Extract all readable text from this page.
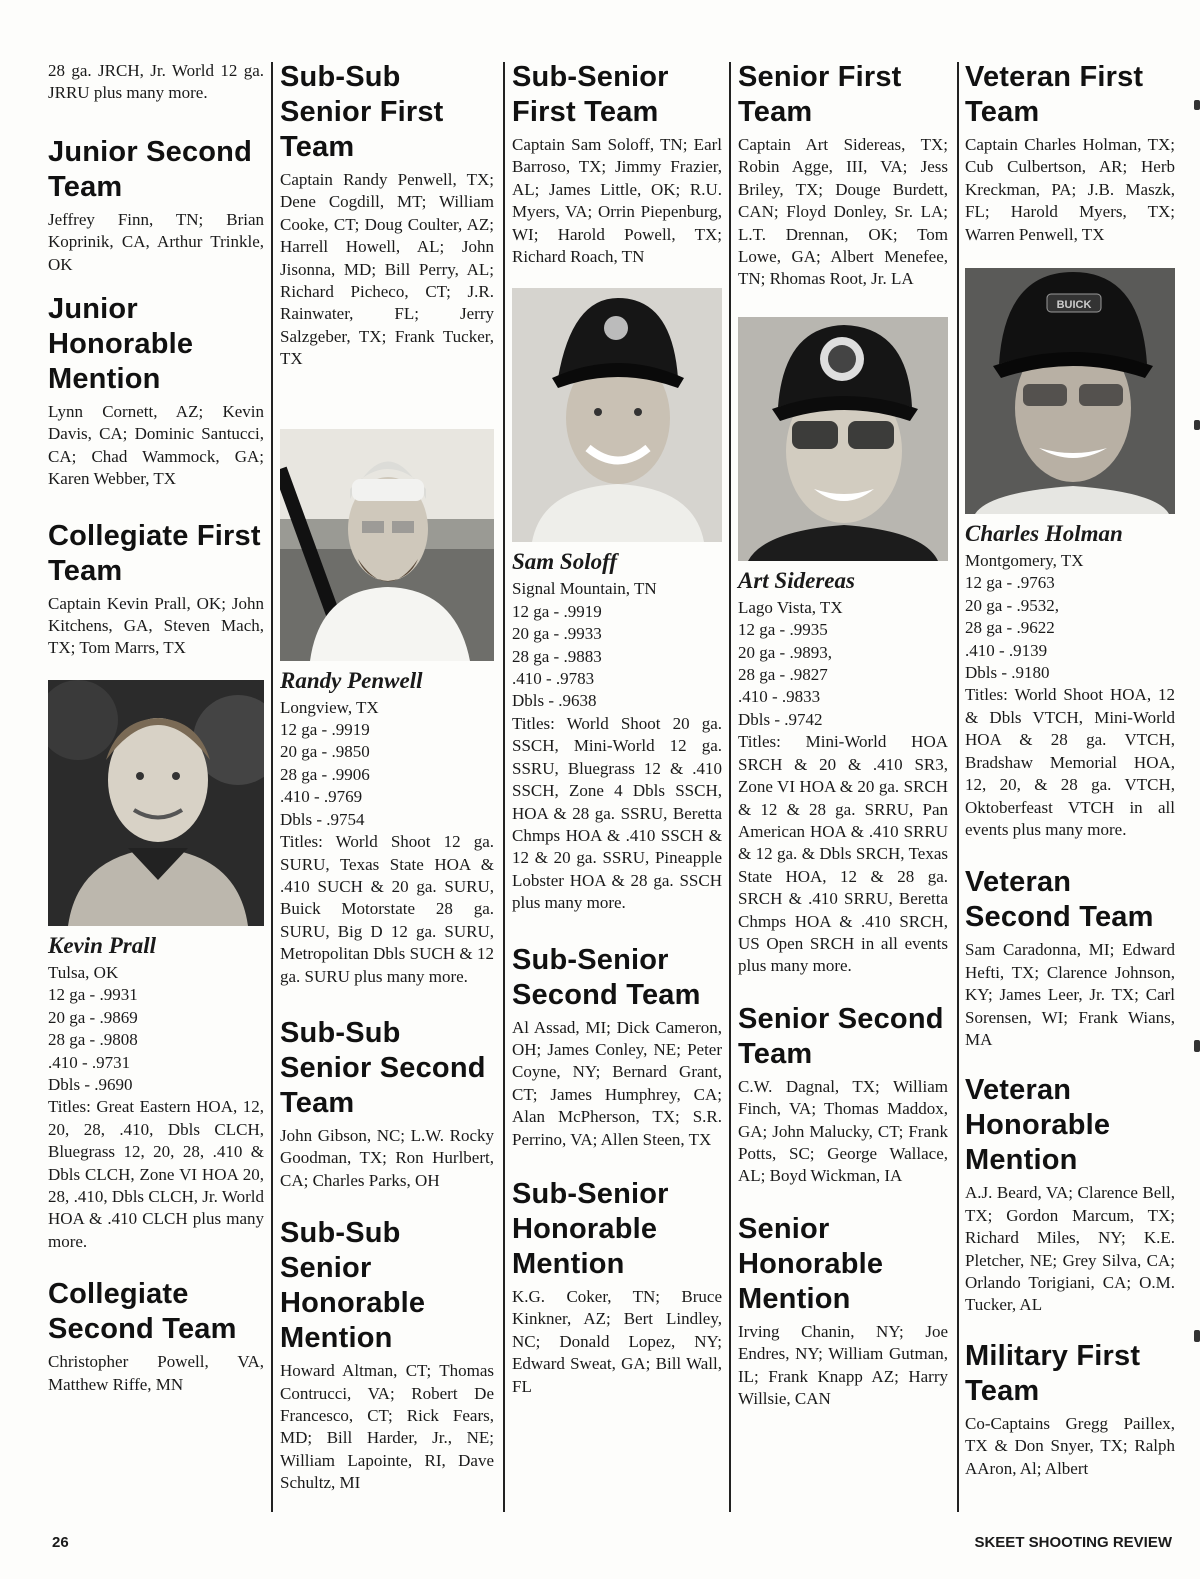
28 ga. JRCH, Jr. World 12 ga. JRRU plus many more.

Junior Second Team

Jeffrey Finn, TN; Brian Koprinik, CA, Arthur Trinkle, OK

Junior Honorable Mention

Lynn Cornett, AZ; Kevin Davis, CA; Dominic Santucci, CA; Chad Wammock, GA; Karen Webber, TX

Collegiate First Team

Captain Kevin Prall, OK; John Kitchens, GA, Steven Mach, TX; Tom Marrs, TX

Kevin Prall

Tulsa, OK

12 ga - .9931

20 ga - .9869

28 ga - .9808

.410 - .9731

Dbls - .9690

Titles: Great Eastern HOA, 12, 20, 28, .410, Dbls CLCH, Bluegrass 12, 20, 28, .410 & Dbls CLCH, Zone VI HOA 20, 28, .410, Dbls CLCH, Jr. World HOA & .410 CLCH plus many more.

Collegiate Second Team

Christopher Powell, VA, Matthew Riffe, MN

Sub-Sub Senior First Team

Captain Randy Penwell, TX; Dene Cogdill, MT; William Cooke, CT; Doug Coulter, AZ; Harrell Howell, AL; John Jisonna, MD; Bill Perry, AL; Richard Picheco, CT; J.R. Rainwater, FL; Jerry Salzgeber, TX; Frank Tucker, TX

Randy Penwell

Longview, TX

12 ga - .9919

20 ga - .9850

28 ga - .9906

.410 - .9769

Dbls - .9754

Titles: World Shoot 12 ga. SURU, Texas State HOA & .410 SUCH & 20 ga. SURU, Buick Motorstate 28 ga. SURU, Big D 12 ga. SURU, Metropolitan Dbls SUCH & 12 ga. SURU plus many more.

Sub-Sub Senior Second Team

John Gibson, NC; L.W. Rocky Goodman, TX; Ron Hurlbert, CA; Charles Parks, OH

Sub-Sub Senior Honorable Mention

Howard Altman, CT; Thomas Contrucci, VA; Robert De Francesco, CT; Rick Fears, MD; Bill Harder, Jr., NE; William Lapointe, RI, Dave Schultz, MI

Sub-Senior First Team

Captain Sam Soloff, TN; Earl Barroso, TX; Jimmy Frazier, AL; James Little, OK; R.U. Myers, VA; Orrin Piepenburg, WI; Harold Powell, TX; Richard Roach, TN

Sam Soloff

Signal Mountain, TN

12 ga - .9919

20 ga - .9933

28 ga - .9883

.410 - .9783

Dbls - .9638

Titles: World Shoot 20 ga. SSCH, Mini-World 12 ga. SSRU, Bluegrass 12 & .410 SSCH, Zone 4 Dbls SSCH, HOA & 28 ga. SSRU, Beretta Chmps HOA & .410 SSCH & 12 & 20 ga. SSRU, Pineapple Lobster HOA & 28 ga. SSCH plus many more.

Sub-Senior Second Team

Al Assad, MI; Dick Cameron, OH; James Conley, NE; Peter Coyne, NY; Bernard Grant, CT; James Humphrey, CA; Alan McPherson, TX; S.R. Perrino, VA; Allen Steen, TX

Sub-Senior Honorable Mention

K.G. Coker, TN; Bruce Kinkner, AZ; Bert Lindley, NC; Donald Lopez, NY; Edward Sweat, GA; Bill Wall, FL

Senior First Team

Captain Art Sidereas, TX; Robin Agge, III, VA; Jess Briley, TX; Douge Burdett, CAN; Floyd Donley, Sr. LA; L.T. Drennan, OK; Tom Lowe, GA; Albert Menefee, TN; Rhomas Root, Jr. LA

Art Sidereas

Lago Vista, TX

12 ga - .9935

20 ga - .9893,

28 ga - .9827

.410 - .9833

Dbls - .9742

Titles: Mini-World HOA SRCH & 20 & .410 SR3, Zone VI HOA & 20 ga. SRCH & 12 & 28 ga. SRRU, Pan American HOA & .410 SRRU & 12 ga. & Dbls SRCH, Texas State HOA, 12 & 28 ga. SRCH & .410 SRRU, Beretta Chmps HOA & .410 SRCH, US Open SRCH in all events plus many more.

Senior Second Team

C.W. Dagnal, TX; William Finch, VA; Thomas Maddox, GA; John Malucky, CT; Frank Potts, SC; George Wallace, AL; Boyd Wickman, IA

Senior Honorable Mention

Irving Chanin, NY; Joe Endres, NY; William Gutman, IL; Frank Knapp AZ; Harry Willsie, CAN

Veteran First Team

Captain Charles Holman, TX; Cub Culbertson, AR; Herb Kreckman, PA; J.B. Maszk, FL; Harold Myers, TX; Warren Penwell, TX

BUICK
Charles Holman

Montgomery, TX

12 ga - .9763

20 ga - .9532,

28 ga - .9622

.410 - .9139

Dbls - .9180

Titles: World Shoot HOA, 12 & Dbls VTCH, Mini-World HOA & 28 ga. VTCH, Bradshaw Memorial HOA, 12, 20, & 28 ga. VTCH, Oktoberfeast VTCH in all events plus many more.

Veteran Second Team

Sam Caradonna, MI; Edward Hefti, TX; Clarence Johnson, KY; James Leer, Jr. TX; Carl Sorensen, WI; Frank Wians, MA

Veteran Honorable Mention

A.J. Beard, VA; Clarence Bell, TX; Gordon Marcum, TX; Richard Miles, NY; K.E. Pletcher, NE; Grey Silva, CA; Orlando Torigiani, CA; O.M. Tucker, AL

Military First Team

Co-Captains Gregg Paillex, TX & Don Snyer, TX; Ralph AAron, Al; Albert

26	SKEET SHOOTING REVIEW
